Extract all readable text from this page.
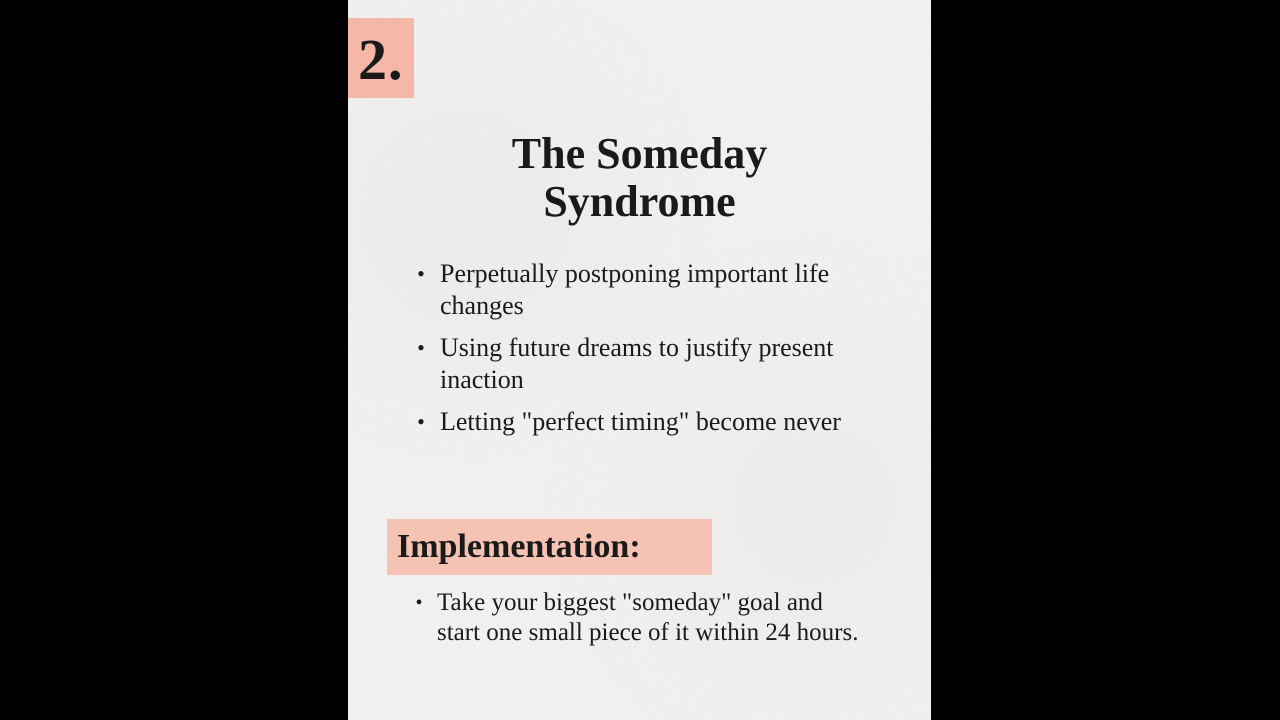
2.
The Someday
Syndrome
• Perpetually postponing important life changes
• Using future dreams to justify present inaction
• Letting "perfect timing" become never
Implementation:
• Take your biggest "someday" goal and start one small piece of it within 24 hours.
